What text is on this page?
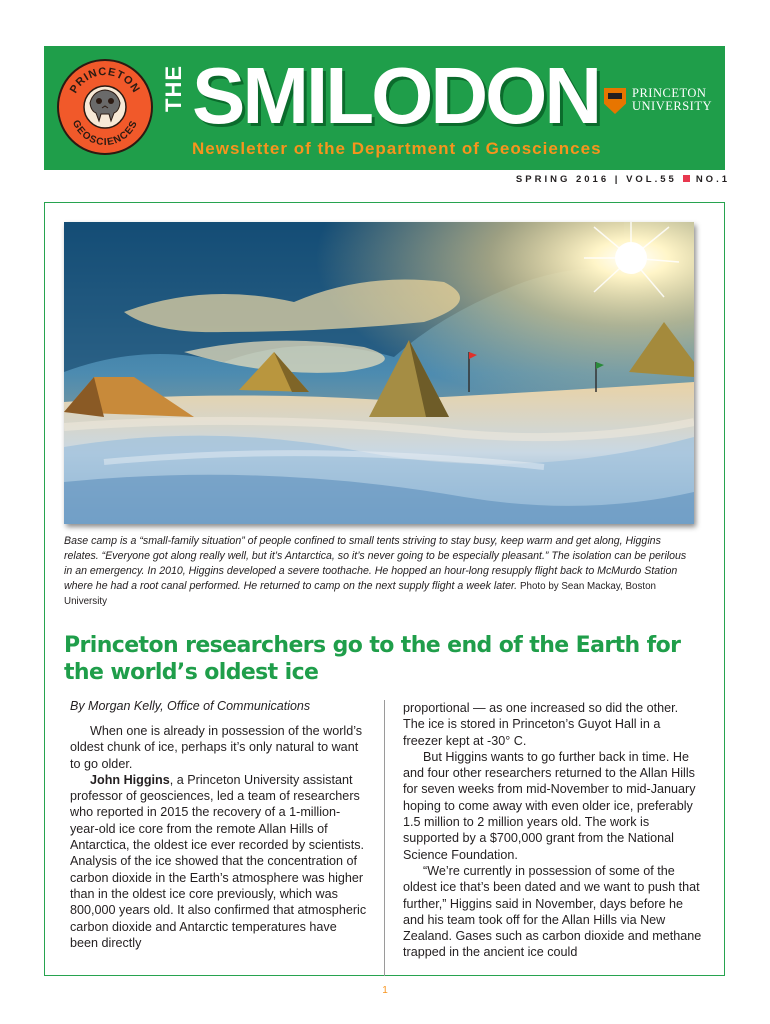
PRINCETON
GEOSCIENCES
THE SMILODON	PRINCETON
UNIVERSITY
Newsletter of the Department of Geosciences
SPRING 2016 | VOL.55 NO.1
Base camp is a “small-family situation” of people confined to small tents striving to stay busy, keep warm and get along, Higgins relates. “Everyone got along really well, but it’s Antarctica, so it’s never going to be especially pleasant.” The isolation can be perilous in an emergency. In 2010, Higgins developed a severe toothache. He hopped an hour-long resupply flight back to McMurdo Station where he had a root canal performed. He returned to camp on the next supply flight a week later. Photo by Sean Mackay, Boston University
Princeton researchers go to the end of the Earth for the world’s oldest ice
By Morgan Kelly, Office of Communications

When one is already in possession of the world’s oldest chunk of ice, perhaps it’s only natural to want to go older.

John Higgins, a Princeton University assistant professor of geosciences, led a team of researchers who reported in 2015 the recovery of a 1-million-year-old ice core from the remote Allan Hills of Antarctica, the oldest ice ever recorded by scientists. Analysis of the ice showed that the concentration of carbon dioxide in the Earth’s atmosphere was higher than in the oldest ice core previously, which was 800,000 years old. It also confirmed that atmospheric carbon dioxide and Antarctic temperatures have been directly

proportional — as one increased so did the other. The ice is stored in Princeton’s Guyot Hall in a freezer kept at -30° C.

But Higgins wants to go further back in time. He and four other researchers returned to the Allan Hills for seven weeks from mid-November to mid-January hoping to come away with even older ice, preferably 1.5 million to 2 million years old. The work is supported by a $700,000 grant from the National Science Foundation.

“We’re currently in possession of some of the oldest ice that’s been dated and we want to push that further,” Higgins said in November, days before he and his team took off for the Allan Hills via New Zealand. Gases such as carbon dioxide and methane trapped in the ancient ice could

1
